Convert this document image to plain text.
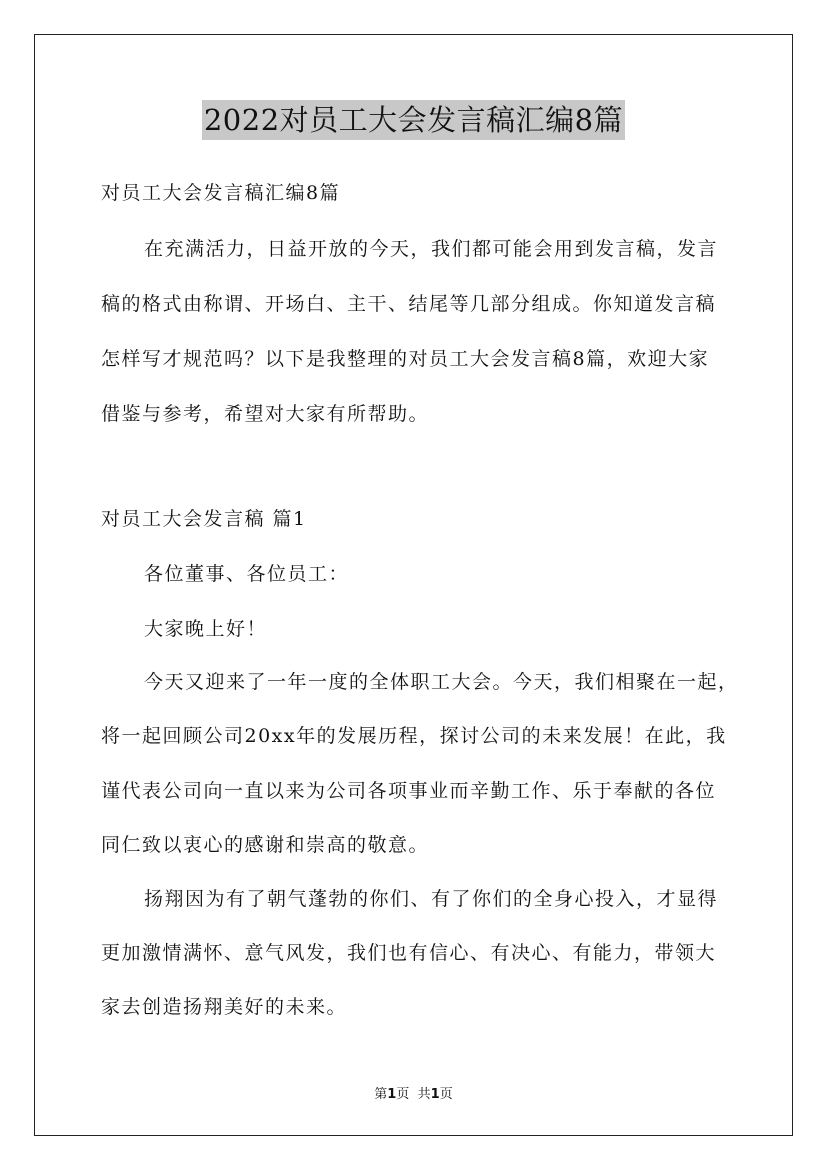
2022对员工大会发言稿汇编8篇
对员工大会发言稿汇编8篇
在充满活力，日益开放的今天，我们都可能会用到发言稿，发言
稿的格式由称谓、开场白、主干、结尾等几部分组成。你知道发言稿
怎样写才规范吗？以下是我整理的对员工大会发言稿8篇，欢迎大家
借鉴与参考，希望对大家有所帮助。
对员工大会发言稿 篇1
各位董事、各位员工：
大家晚上好！
今天又迎来了一年一度的全体职工大会。今天，我们相聚在一起，
将一起回顾公司20xx年的发展历程，探讨公司的未来发展！在此，我
谨代表公司向一直以来为公司各项事业而辛勤工作、乐于奉献的各位
同仁致以衷心的感谢和崇高的敬意。
扬翔因为有了朝气蓬勃的你们、有了你们的全身心投入，才显得
更加激情满怀、意气风发，我们也有信心、有决心、有能力，带领大
家去创造扬翔美好的未来。
第1页 共1页
